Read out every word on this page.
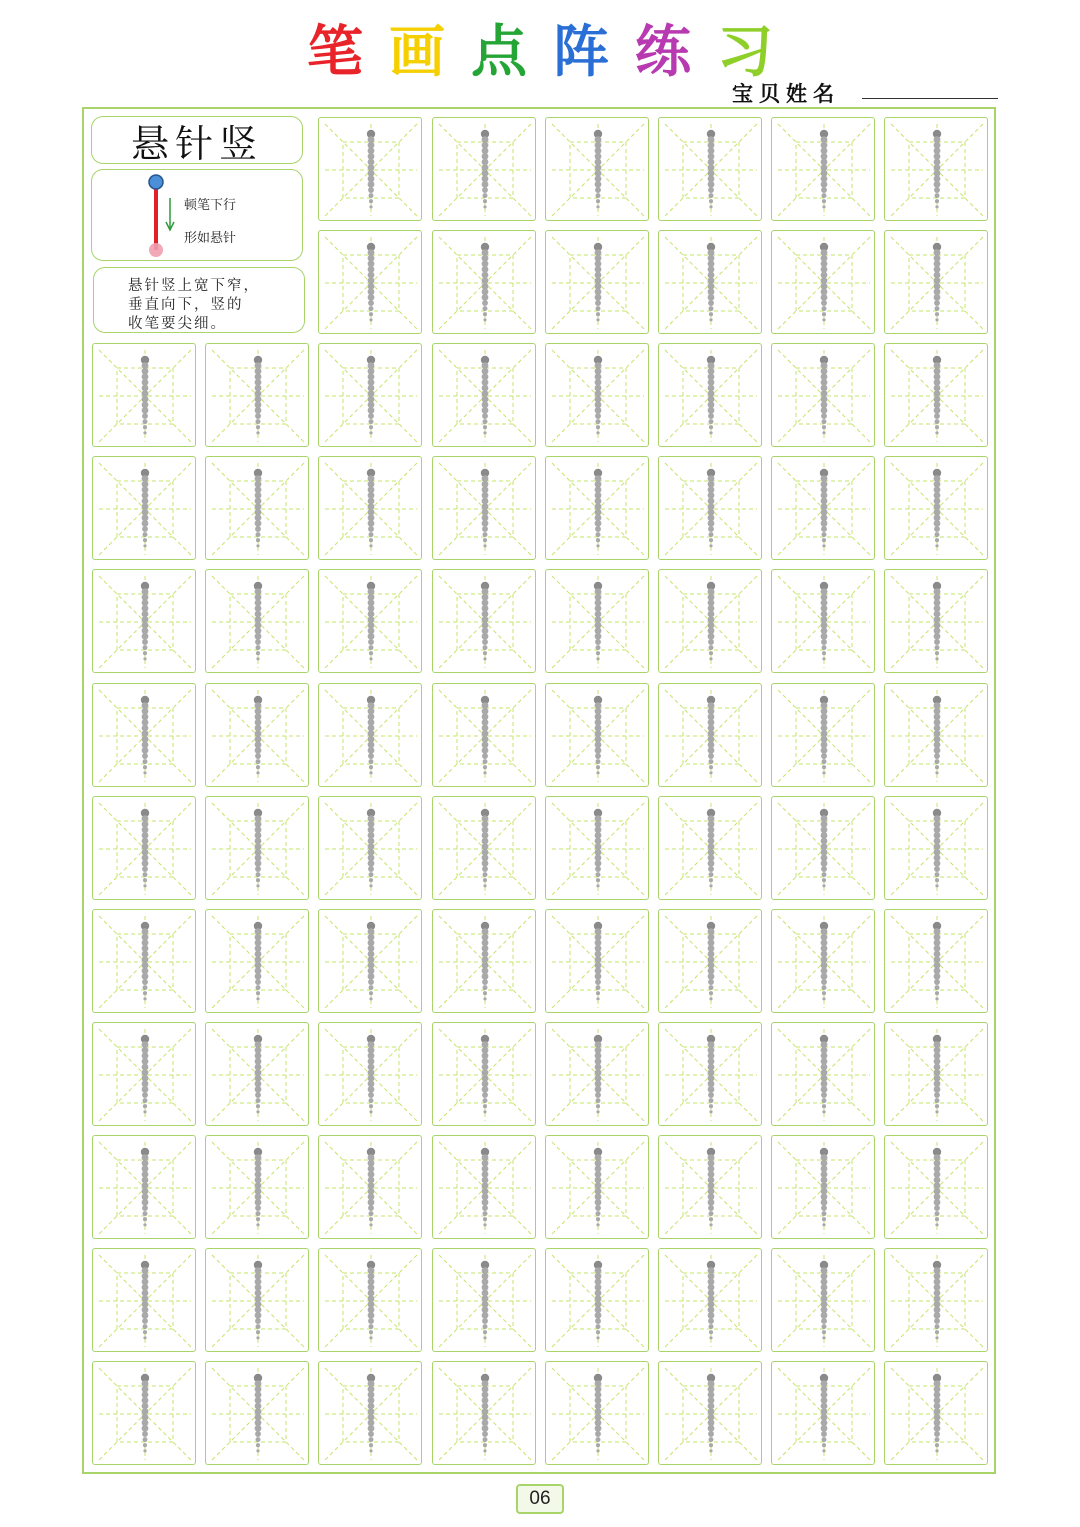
笔 画 点 阵 练 习
宝贝姓名
悬针竖
顿笔下行
形如悬针
悬针竖上宽下窄，
垂直向下，竖的
收笔要尖细。
06
